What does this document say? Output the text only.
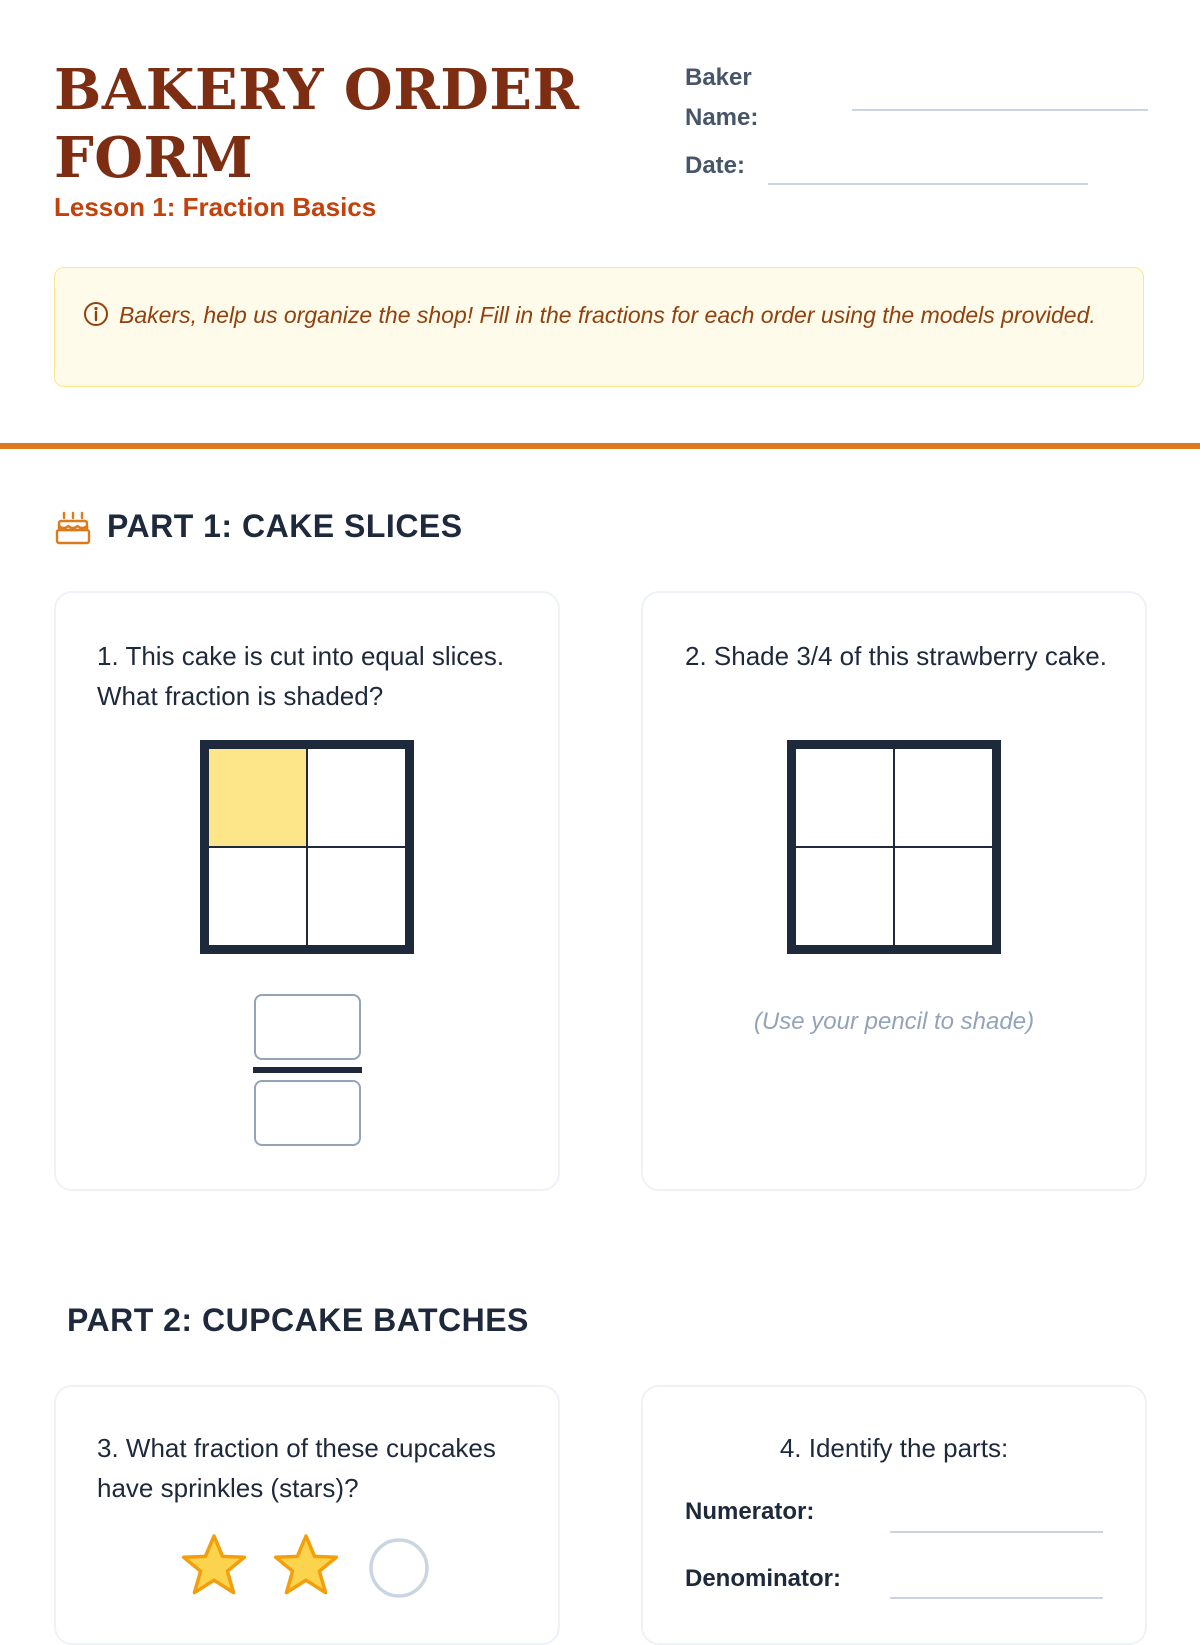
BAKERY ORDER FORM
Lesson 1: Fraction Basics
Baker Name:
Date:
Bakers, help us organize the shop! Fill in the fractions for each order using the models provided.
PART 1: CAKE SLICES
1. This cake is cut into equal slices. What fraction is shaded?
2. Shade 3/4 of this strawberry cake.
(Use your pencil to shade)
PART 2: CUPCAKE BATCHES
3. What fraction of these cupcakes have sprinkles (stars)?
4. Identify the parts:
Numerator:
Denominator:
